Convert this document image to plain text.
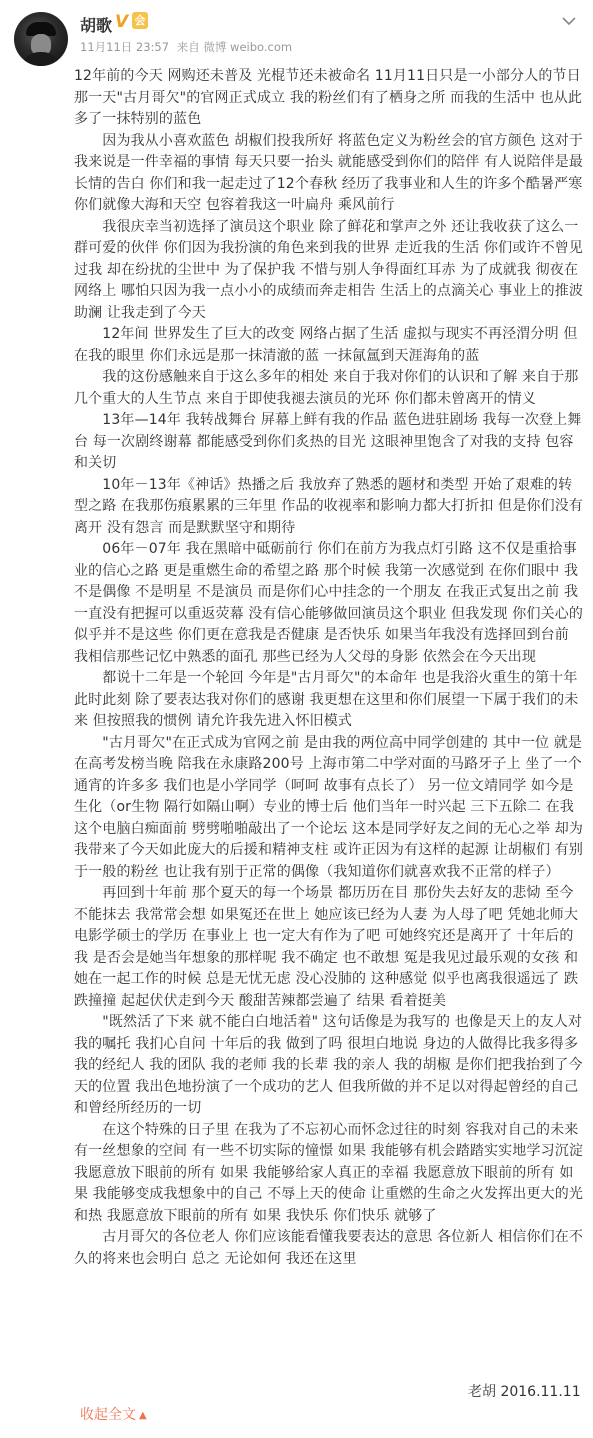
胡歌 V 会
11月11日 23:57 来自 微博 weibo.com

12年前的今天 网购还未普及 光棍节还未被命名 11月11日只是一小部分人的节日 那一天"古月哥欠"的官网正式成立 我的粉丝们有了栖身之所 而我的生活中 也从此多了一抹特别的蓝色

　　因为我从小喜欢蓝色 胡椒们投我所好 将蓝色定义为粉丝会的官方颜色 这对于我来说是一件幸福的事情 每天只要一抬头 就能感受到你们的陪伴 有人说陪伴是最长情的告白 你们和我一起走过了12个春秋 经历了我事业和人生的许多个酷暑严寒 你们就像大海和天空 包容着我这一叶扁舟 乘风前行

　　我很庆幸当初选择了演员这个职业 除了鲜花和掌声之外 还让我收获了这么一群可爱的伙伴 你们因为我扮演的角色来到我的世界 走近我的生活 你们或许不曾见过我 却在纷扰的尘世中 为了保护我 不惜与别人争得面红耳赤 为了成就我 彻夜在网络上 哪怕只因为我一点小小的成绩而奔走相告 生活上的点滴关心 事业上的推波助澜 让我走到了今天

　　12年间 世界发生了巨大的改变 网络占据了生活 虚拟与现实不再泾渭分明 但在我的眼里 你们永远是那一抹清澈的蓝 一抹氤氲到天涯海角的蓝

　　我的这份感触来自于这么多年的相处 来自于我对你们的认识和了解 来自于那几个重大的人生节点 来自于即使我褪去演员的光环 你们都未曾离开的情义

　　13年—14年 我转战舞台 屏幕上鲜有我的作品 蓝色进驻剧场 我每一次登上舞台 每一次剧终谢幕 都能感受到你们炙热的目光 这眼神里饱含了对我的支持 包容和关切

　　10年－13年《神话》热播之后 我放弃了熟悉的题材和类型 开始了艰难的转型之路 在我那伤痕累累的三年里 作品的收视率和影响力都大打折扣 但是你们没有离开 没有怨言 而是默默坚守和期待

　　06年－07年 我在黑暗中砥砺前行 你们在前方为我点灯引路 这不仅是重拾事业的信心之路 更是重燃生命的希望之路 那个时候 我第一次感觉到 在你们眼中 我不是偶像 不是明星 不是演员 而是你们心中挂念的一个朋友 在我正式复出之前 我一直没有把握可以重返荧幕 没有信心能够做回演员这个职业 但我发现 你们关心的似乎并不是这些 你们更在意我是否健康 是否快乐 如果当年我没有选择回到台前 我相信那些记忆中熟悉的面孔 那些已经为人父母的身影 依然会在今天出现

　　都说十二年是一个轮回 今年是"古月哥欠"的本命年 也是我浴火重生的第十年 此时此刻 除了要表达我对你们的感谢 我更想在这里和你们展望一下属于我们的未来 但按照我的惯例 请允许我先进入怀旧模式

　　"古月哥欠"在正式成为官网之前 是由我的两位高中同学创建的 其中一位 就是在高考发榜当晚 陪我在永康路200号 上海市第二中学对面的马路牙子上 坐了一个通宵的许多多 我们也是小学同学（呵呵 故事有点长了） 另一位文靖同学 如今是生化（or生物 隔行如隔山啊）专业的博士后 他们当年一时兴起 三下五除二 在我这个电脑白痴面前 劈劈啪啪敲出了一个论坛 这本是同学好友之间的无心之举 却为我带来了今天如此庞大的后援和精神支柱 或许正因为有这样的起源 让胡椒们 有别于一般的粉丝 也让我有别于正常的偶像（我知道你们就喜欢我不正常的样子）

　　再回到十年前 那个夏天的每一个场景 都历历在目 那份失去好友的悲恸 至今不能抹去 我常常会想 如果冤还在世上 她应该已经为人妻 为人母了吧 凭她北师大电影学硕士的学历 在事业上 也一定大有作为了吧 可她终究还是离开了 十年后的我 是否会是她当年想象的那样呢 我不确定 也不敢想 冤是我见过最乐观的女孩 和她在一起工作的时候 总是无忧无虑 没心没肺的 这种感觉 似乎也离我很遥远了 跌跌撞撞 起起伏伏走到今天 酸甜苦辣都尝遍了 结果 看着挺美

　　"既然活了下来 就不能白白地活着" 这句话像是为我写的 也像是天上的友人对我的嘱托 我扪心自问 十年后的我 做到了吗 很坦白地说 身边的人做得比我多得多 我的经纪人 我的团队 我的老师 我的长辈 我的亲人 我的胡椒 是你们把我抬到了今天的位置 我出色地扮演了一个成功的艺人 但我所做的并不足以对得起曾经的自己和曾经所经历的一切

　　在这个特殊的日子里 在我为了不忘初心而怀念过往的时刻 容我对自己的未来 有一丝想象的空间 有一些不切实际的憧憬 如果 我能够有机会踏踏实实地学习沉淀 我愿意放下眼前的所有 如果 我能够给家人真正的幸福 我愿意放下眼前的所有 如果 我能够变成我想象中的自己 不辱上天的使命 让重燃的生命之火发挥出更大的光和热 我愿意放下眼前的所有 如果 我快乐 你们快乐 就够了

　　古月哥欠的各位老人 你们应该能看懂我要表达的意思 各位新人 相信你们在不久的将来也会明白 总之 无论如何 我还在这里

老胡 2016.11.11
收起全文 ▲
